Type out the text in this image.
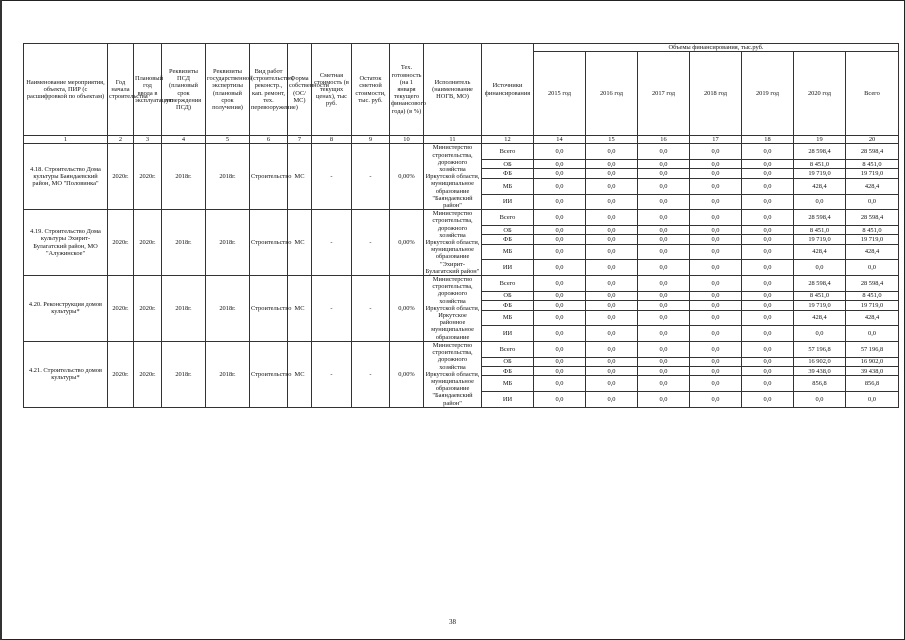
Наименование мероприятия, объекта, ПИР (с расшифровкой по объектам)	Год начала строительства	Плановый год ввода в эксплуатацию	Реквизиты ПСД (плановый срок утверждения ПСД)	Реквизиты государственной экспертизы (плановый срок получения)	Вид работ (строительство, реконстр., кап. ремонт, тех. перевооружение)	Форма собственности (ОС/МС)	Сметная стоимость (в текущих ценах), тыс руб.	Остаток сметной стоимости, тыс. руб.	Тех. готовность (на 1 января текущего финансового года) (в %)	Исполнитель (наименование НОГВ, МО)	Источники финансирования	Объемы финансирования, тыс.руб.						
												2015 год	2016 год	2017 год	2018 год	2019 год	2020 год	Всего
1	2	3	4	5	6	7	8	9	10	11	12	14	15	16	17	18	19	20
4.18. Строительство Дома культуры Баяндаевский район, МО "Половинка"	2020г.	2020г.	2018г.	2018г.	Строительство	МС	-	-	0,00%	Министерство строительства, дорожного хозяйства Иркутской области, муниципальное образование "Баяндаевский район"	Всего	0,0	0,0	0,0	0,0	0,0	28 598,4	28 598,4
											ОБ	0,0	0,0	0,0	0,0	0,0	8 451,0	8 451,0
											ФБ	0,0	0,0	0,0	0,0	0,0	19 719,0	19 719,0
											МБ	0,0	0,0	0,0	0,0	0,0	428,4	428,4
											ИИ	0,0	0,0	0,0	0,0	0,0	0,0	0,0
4.19. Строительство Дома культуры Эхирит-Булагатский район, МО "Алужинское"	2020г.	2020г.	2018г.	2018г.	Строительство	МС	-	-	0,00%	Министерство строительства, дорожного хозяйства Иркутской области, муниципальное образование "Эхирит-Булагатский район"	Всего	0,0	0,0	0,0	0,0	0,0	28 598,4	28 598,4
											ОБ	0,0	0,0	0,0	0,0	0,0	8 451,0	8 451,0
											ФБ	0,0	0,0	0,0	0,0	0,0	19 719,0	19 719,0
											МБ	0,0	0,0	0,0	0,0	0,0	428,4	428,4
											ИИ	0,0	0,0	0,0	0,0	0,0	0,0	0,0
4.20. Реконструкция домов культуры*	2020г.	2020г.	2018г.	2018г.	Строительство	МС	-	-	0,00%	Министерство строительства, дорожного хозяйства Иркутской области, Иркутское районное муниципальное образование	Всего	0,0	0,0	0,0	0,0	0,0	28 598,4	28 598,4
											ОБ	0,0	0,0	0,0	0,0	0,0	8 451,0	8 451,0
											ФБ	0,0	0,0	0,0	0,0	0,0	19 719,0	19 719,0
											МБ	0,0	0,0	0,0	0,0	0,0	428,4	428,4
											ИИ	0,0	0,0	0,0	0,0	0,0	0,0	0,0
4.21. Строительство домов культуры*	2020г.	2020г.	2018г.	2018г.	Строительство	МС	-	-	0,00%	Министерство строительства, дорожного хозяйства Иркутской области, муниципальное образование "Баяндаевский район"	Всего	0,0	0,0	0,0	0,0	0,0	57 196,8	57 196,8
											ОБ	0,0	0,0	0,0	0,0	0,0	16 902,0	16 902,0
											ФБ	0,0	0,0	0,0	0,0	0,0	39 438,0	39 438,0
											МБ	0,0	0,0	0,0	0,0	0,0	856,8	856,8
											ИИ	0,0	0,0	0,0	0,0	0,0	0,0	0,0
38
